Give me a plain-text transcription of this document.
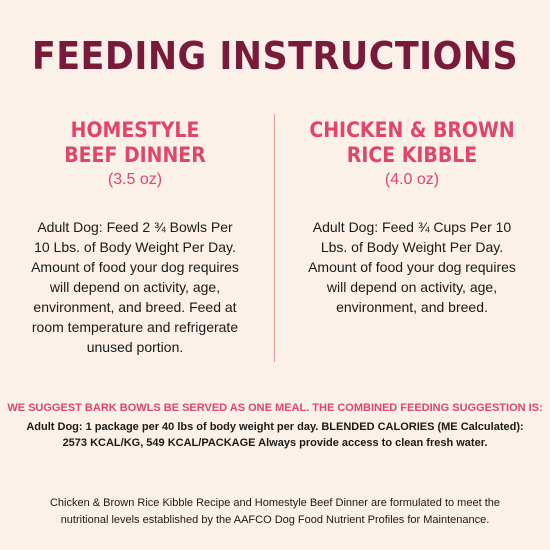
FEEDING INSTRUCTIONS
HOMESTYLE
BEEF DINNER
(3.5 oz)
Adult Dog: Feed 2 ¾ Bowls Per 10 Lbs. of Body Weight Per Day. Amount of food your dog requires will depend on activity, age, environment, and breed. Feed at room temperature and refrigerate unused portion.
CHICKEN & BROWN
RICE KIBBLE
(4.0 oz)
Adult Dog: Feed ¾ Cups Per 10 Lbs. of Body Weight Per Day. Amount of food your dog requires will depend on activity, age, environment, and breed.
WE SUGGEST BARK BOWLS BE SERVED AS ONE MEAL. THE COMBINED FEEDING SUGGESTION IS:
Adult Dog: 1 package per 40 lbs of body weight per day. BLENDED CALORIES (ME Calculated): 2573 KCAL/KG, 549 KCAL/PACKAGE Always provide access to clean fresh water.
Chicken & Brown Rice Kibble Recipe and Homestyle Beef Dinner are formulated to meet the nutritional levels established by the AAFCO Dog Food Nutrient Profiles for Maintenance.
